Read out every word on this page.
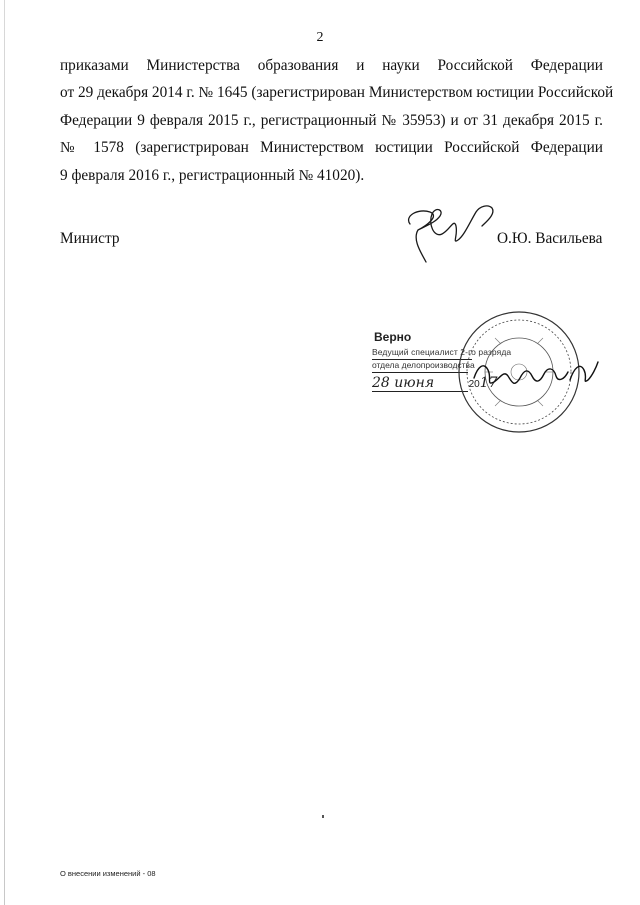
2
приказами Министерства образования и науки Российской Федерации
от 29 декабря 2014 г. № 1645 (зарегистрирован Министерством юстиции Российской
Федерации 9 февраля 2015 г., регистрационный № 35953) и от 31 декабря 2015 г.
№ 1578 (зарегистрирован Министерством юстиции Российской Федерации
9 февраля 2016 г., регистрационный № 41020).
Министр	О.Ю. Васильева
Верно
Ведущий специалист 2-го разряда
отдела делопроизводства
28 июня	2017
О внесении изменений - 08
